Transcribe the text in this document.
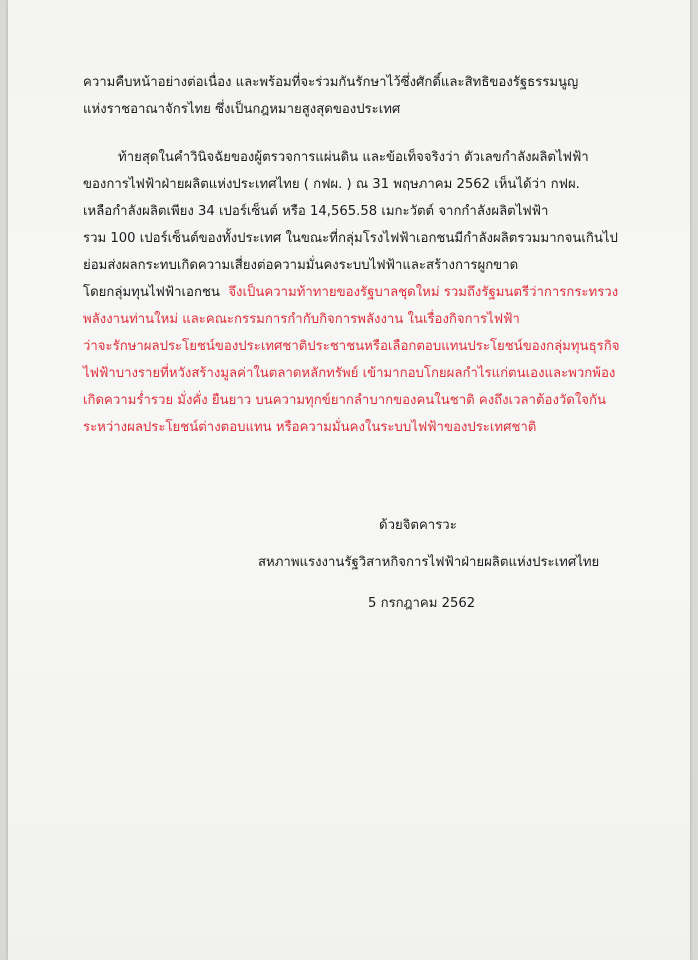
ความคืบหน้าอย่างต่อเนื่อง และพร้อมที่จะร่วมกันรักษาไว้ซึ่งศักดิ์และสิทธิของรัฐธรรมนูญ
แห่งราชอาณาจักรไทย ซึ่งเป็นกฎหมายสูงสุดของประเทศ
ท้ายสุดในคำวินิจฉัยของผู้ตรวจการแผ่นดิน และข้อเท็จจริงว่า ตัวเลขกำลังผลิตไฟฟ้า
ของการไฟฟ้าฝ่ายผลิตแห่งประเทศไทย ( กฟผ. ) ณ 31 พฤษภาคม 2562 เห็นได้ว่า กฟผ.
เหลือกำลังผลิตเพียง 34 เปอร์เซ็นต์ หรือ 14,565.58 เมกะวัตต์ จากกำลังผลิตไฟฟ้า
รวม 100 เปอร์เซ็นต์ของทั้งประเทศ ในขณะที่กลุ่มโรงไฟฟ้าเอกชนมีกำลังผลิตรวมมากจนเกินไป
ย่อมส่งผลกระทบเกิดความเสี่ยงต่อความมั่นคงระบบไฟฟ้าและสร้างการผูกขาด
โดยกลุ่มทุนไฟฟ้าเอกชน จึงเป็นความท้าทายของรัฐบาลชุดใหม่ รวมถึงรัฐมนตรีว่าการกระทรวง
พลังงานท่านใหม่ และคณะกรรมการกำกับกิจการพลังงาน ในเรื่องกิจการไฟฟ้า
ว่าจะรักษาผลประโยชน์ของประเทศชาติประชาชนหรือเลือกตอบแทนประโยชน์ของกลุ่มทุนธุรกิจ
ไฟฟ้าบางรายที่หวังสร้างมูลค่าในตลาดหลักทรัพย์ เข้ามากอบโกยผลกำไรแก่ตนเองและพวกพ้อง
เกิดความร่ำรวย มั่งคั่ง ยืนยาว บนความทุกข์ยากลำบากของคนในชาติ คงถึงเวลาต้องวัดใจกัน
ระหว่างผลประโยชน์ต่างตอบแทน หรือความมั่นคงในระบบไฟฟ้าของประเทศชาติ
ด้วยจิตคารวะ
สหภาพแรงงานรัฐวิสาหกิจการไฟฟ้าฝ่ายผลิตแห่งประเทศไทย
5 กรกฎาคม 2562
